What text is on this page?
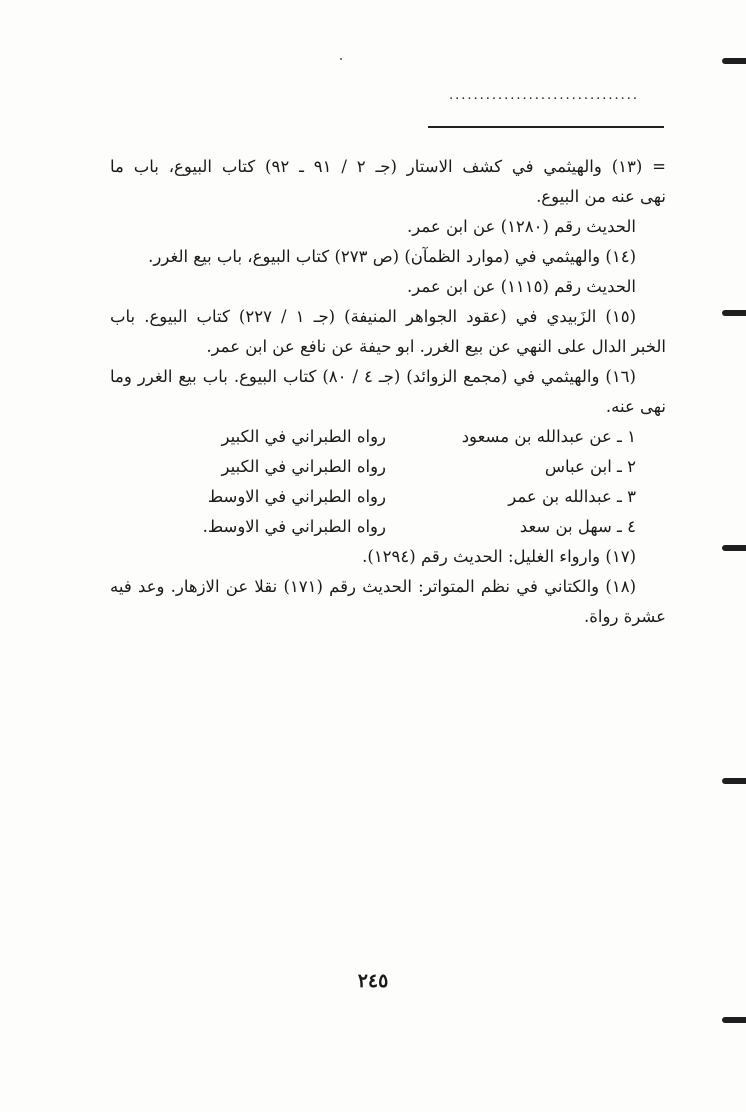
...............................
= (١٣) والهيثمي في كشف الاستار (جـ ٢ / ٩١ ـ ٩٢) كتاب البيوع، باب ما
نهى عنه من البيوع.
الحديث رقم (١٢٨٠) عن ابن عمر.
(١٤) والهيثمي في (موارد الظمآن) (ص ٢٧٣) كتاب البيوع، باب بيع الغرر.
الحديث رقم (١١١٥) عن ابن عمر.
(١٥) الزَبيدي في (عقود الجواهر المنيفة) (جـ ١ / ٢٢٧) كتاب البيوع. باب
الخبر الدال على النهي عن بيع الغرر. ابو حيفة عن نافع عن ابن عمر.
(١٦) والهيثمي في (مجمع الزوائد) (جـ ٤ / ٨٠) كتاب البيوع. باب بيع الغرر وما
نهى عنه.
١ ـ عن عبدالله بن مسعود
رواه الطبراني في الكبير
٢ ـ ابن عباس
رواه الطبراني في الكبير
٣ ـ عبدالله بن عمر
رواه الطبراني في الاوسط
٤ ـ سهل بن سعد
رواه الطبراني في الاوسط.
(١٧) وارواء الغليل: الحديث رقم (١٢٩٤).
(١٨) والكتاني في نظم المتواتر: الحديث رقم (١٧١) نقلا عن الازهار. وعد فيه
عشرة رواة.
٢٤٥
